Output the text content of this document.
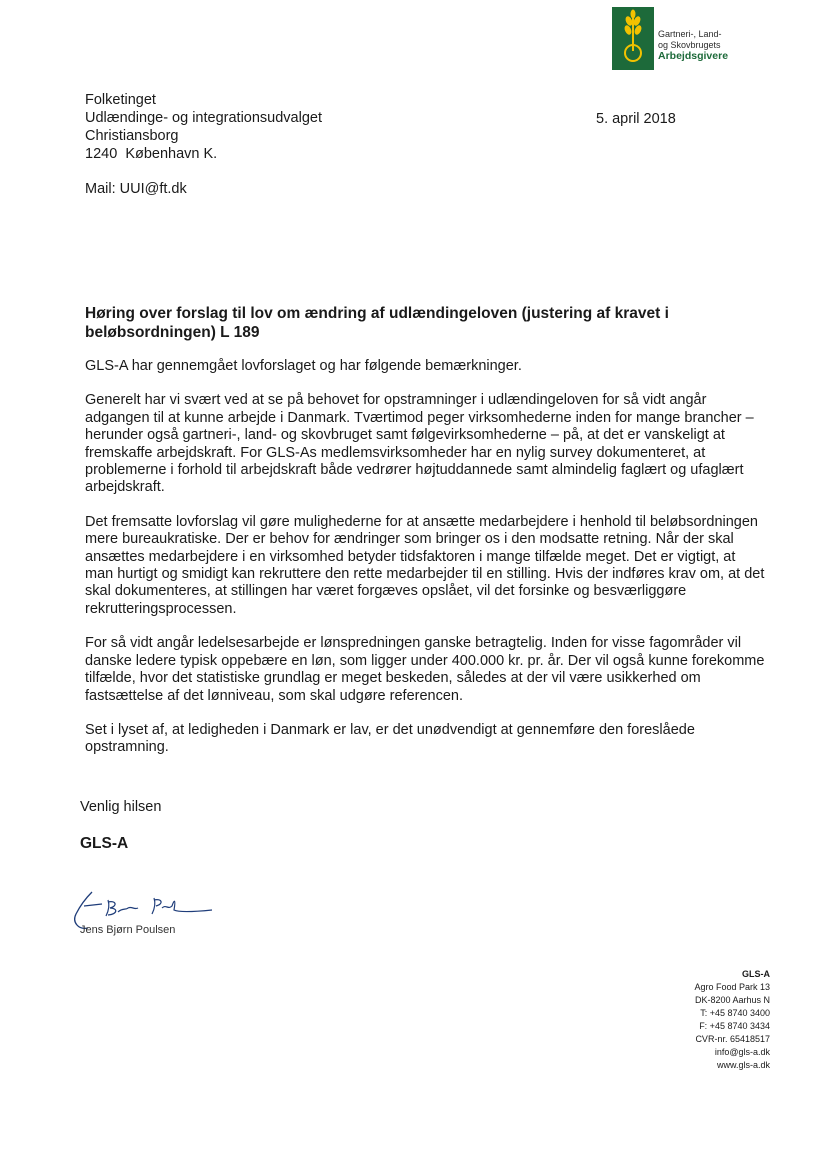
Gartneri-, Land-
og Skovbrugets
Arbejdsgivere
Folketinget
Udlændinge- og integrationsudvalget
Christiansborg
1240  København K.
5. april 2018
Mail: UUI@ft.dk
Høring over forslag til lov om ændring af udlændingeloven (justering af kravet i beløbsordningen) L 189

GLS-A har gennemgået lovforslaget og har følgende bemærkninger.

Generelt har vi svært ved at se på behovet for opstramninger i udlændingeloven for så vidt angår adgangen til at kunne arbejde i Danmark. Tværtimod peger virksomhederne inden for mange brancher – herunder også gartneri-, land- og skovbruget samt følgevirksomhederne – på, at det er vanskeligt at fremskaffe arbejdskraft. For GLS-As medlemsvirksomheder har en nylig survey dokumenteret, at problemerne i forhold til arbejdskraft både vedrører højtuddannede samt almindelig faglært og ufaglært arbejdskraft.

Det fremsatte lovforslag vil gøre mulighederne for at ansætte medarbejdere i henhold til beløbsordningen mere bureaukratiske. Der er behov for ændringer som bringer os i den modsatte retning. Når der skal ansættes medarbejdere i en virksomhed betyder tidsfaktoren i mange tilfælde meget. Det er vigtigt, at man hurtigt og smidigt kan rekruttere den rette medarbejder til en stilling. Hvis der indføres krav om, at det skal dokumenteres, at stillingen har været forgæves opslået, vil det forsinke og besværliggøre rekrutteringsprocessen.

For så vidt angår ledelsesarbejde er lønspredningen ganske betragtelig. Inden for visse fagområder vil danske ledere typisk oppebære en løn, som ligger under 400.000 kr. pr. år. Der vil også kunne forekomme tilfælde, hvor det statistiske grundlag er meget beskeden, således at der vil være usikkerhed om fastsættelse af det lønniveau, som skal udgøre referencen.

Set i lyset af, at ledigheden i Danmark er lav, er det unødvendigt at gennemføre den foreslåede opstramning.

Venlig hilsen
GLS-A
Jens Bjørn Poulsen
GLS-A
Agro Food Park 13
DK-8200 Aarhus N
T: +45 8740 3400
F: +45 8740 3434
CVR-nr. 65418517
info@gls-a.dk
www.gls-a.dk
